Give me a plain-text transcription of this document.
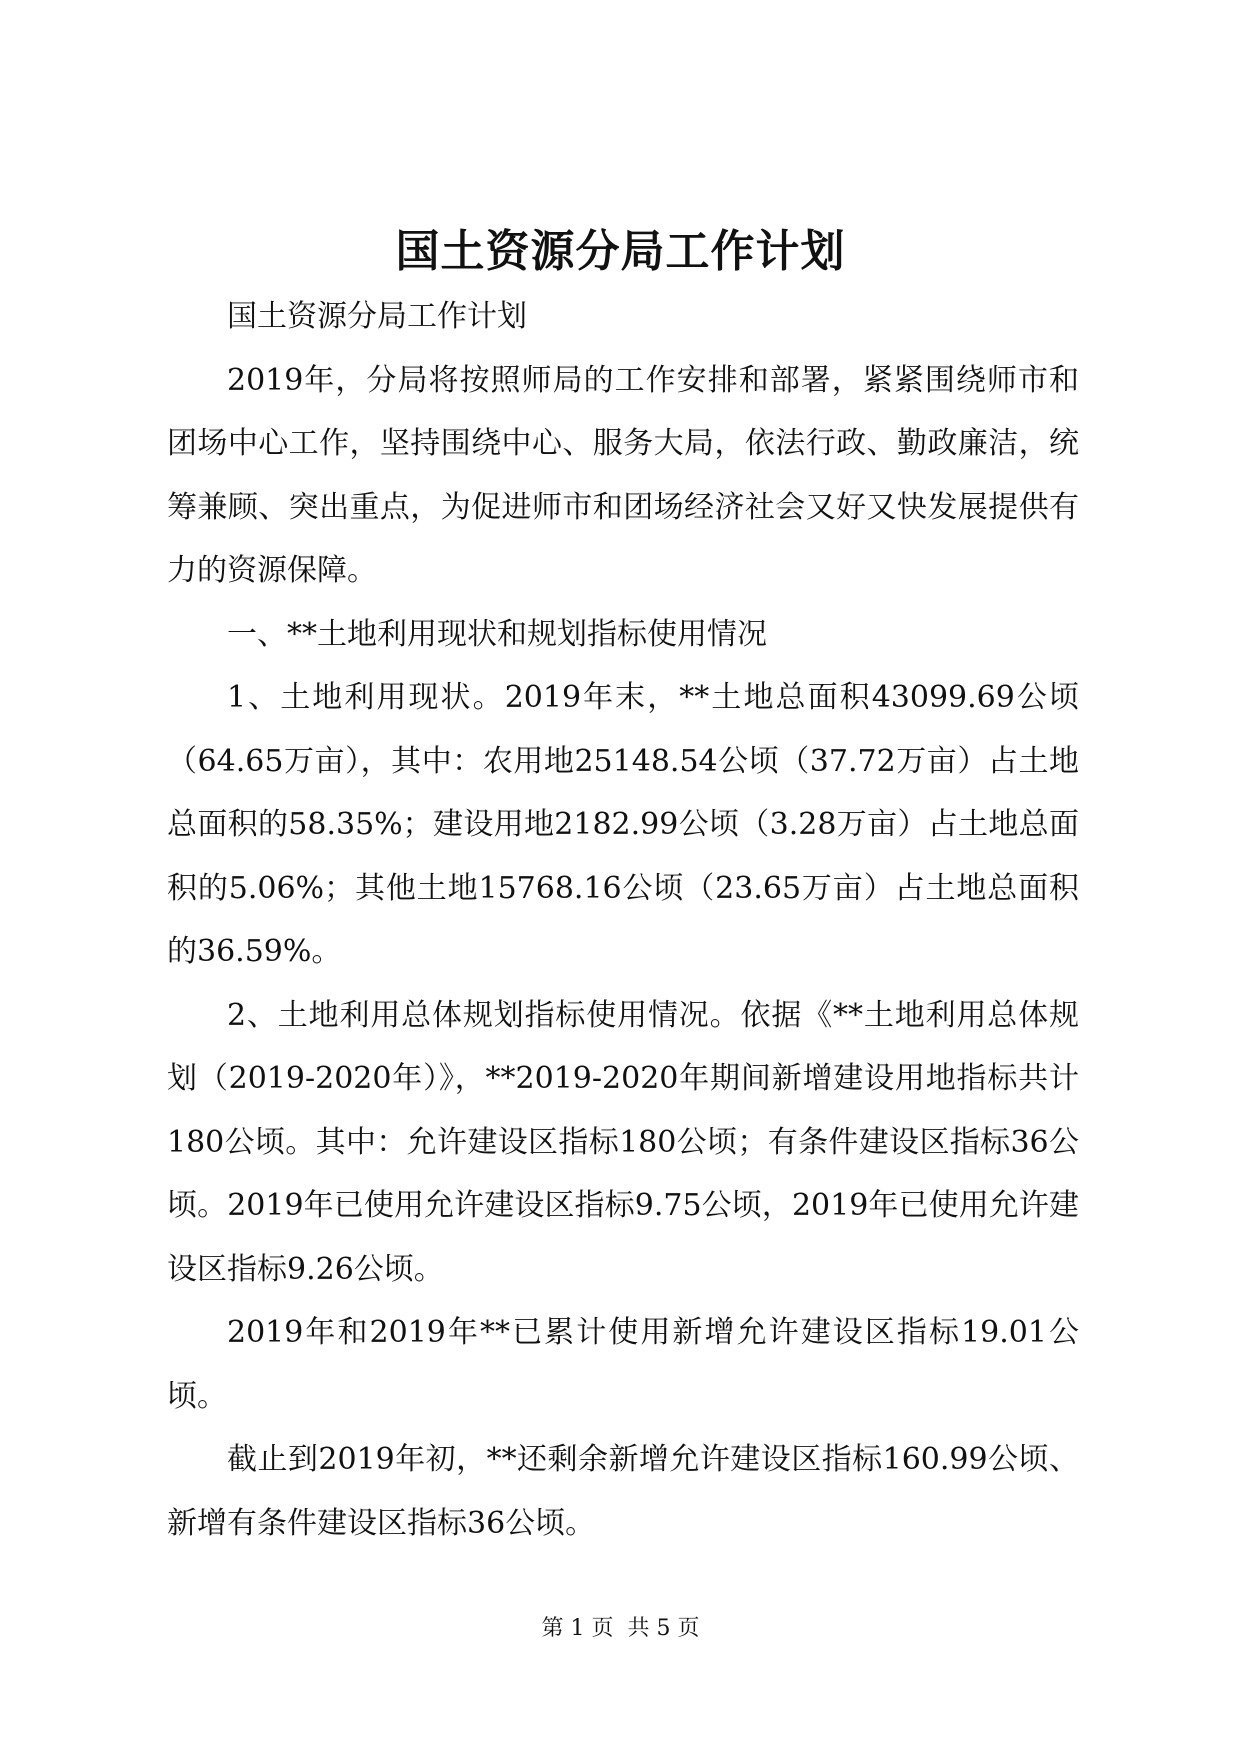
国土资源分局工作计划

国土资源分局工作计划

2019年，分局将按照师局的工作安排和部署，紧紧围绕师市和团场中心工作，坚持围绕中心、服务大局，依法行政、勤政廉洁，统筹兼顾、突出重点，为促进师市和团场经济社会又好又快发展提供有力的资源保障。

一、**土地利用现状和规划指标使用情况

1、土地利用现状。2019年末，**土地总面积43099.69公顷（64.65万亩），其中：农用地25148.54公顷（37.72万亩）占土地总面积的58.35%；建设用地2182.99公顷（3.28万亩）占土地总面积的5.06%；其他土地15768.16公顷（23.65万亩）占土地总面积的36.59%。

2、土地利用总体规划指标使用情况。依据《**土地利用总体规划（2019-2020年）》，**2019-2020年期间新增建设用地指标共计180公顷。其中：允许建设区指标180公顷；有条件建设区指标36公顷。2019年已使用允许建设区指标9.75公顷，2019年已使用允许建设区指标9.26公顷。

2019年和2019年**已累计使用新增允许建设区指标19.01公顷。

截止到2019年初，**还剩余新增允许建设区指标160.99公顷、新增有条件建设区指标36公顷。

第 1 页 共 5 页
